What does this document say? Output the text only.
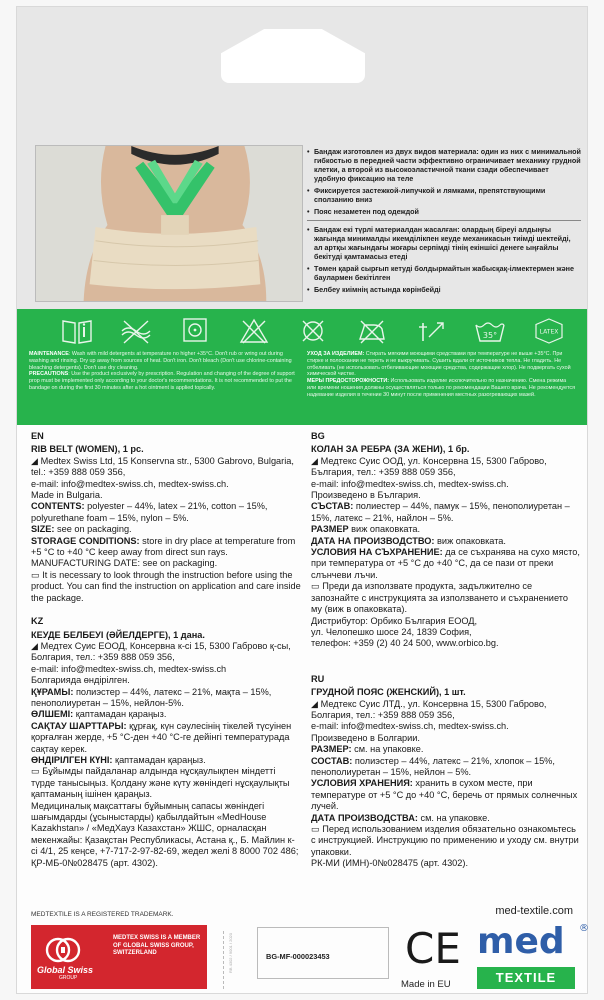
• Бандаж изготовлен из двух видов материала: один из них с минимальной гибкостью в передней части эффективно ограничивает механику грудной клетки, а второй из высокоэластичной ткани сзади обеспечивает удобную фиксацию на теле
• Фиксируется застежкой-липучкой и лямками, препятствующими сползанию вниз
• Пояс незаметен под одеждой
• Бандаж екі түрлі материалдан жасалған: олардың біреуі алдыңғы жағында минималды икемділікпен кеуде механикасын тиімді шектейді, ал артқы жағындағы жоғары серпімді тінің екіншісі денеге ыңғайлы бекітуді қамтамасыз етеді
• Төмен қарай сырғып кетуді болдырмайтын жабысқақ-ілмектермен және баулармен бекітілген
• Белбеу киімнің астында көрінбейді
35°	LATEX
MAINTENANCE: Wash with mild detergents at temperature no higher +35°C. Don't rub or wring out during washing and rinsing. Dry up away from sources of heat. Don't iron. Don't bleach (Don't use chlorine-containing bleaching detergents). Don't use dry cleaning.
PRECAUTIONS: Use the product exclusively by prescription. Regulation and changing of the degree of support prop must be implemented only according to your doctor's recommendations. It is not recommended to put the bandage on during the first 30 minutes after a hot ointment is applied topically.
УХОД ЗА ИЗДЕЛИЕМ: Стирать мягкими моющими средствами при температуре не выше +35°C. При стирке и полоскании не тереть и не выкручивать. Сушить вдали от источников тепла. Не гладить. Не отбеливать (не использовать отбеливающие моющие средства, содержащие хлор). Не подвергать сухой химической чистке.
МЕРЫ ПРЕДОСТОРОЖНОСТИ: Использовать изделие исключительно по назначению. Смена режима или времени ношения должны осуществляться только по рекомендации Вашего врача. Не рекомендуется надевание изделия в течение 30 минут после применения местных разогревающих мазей.
EN
RIB BELT (WOMEN), 1 pc.
◢ Medtex Swiss Ltd, 15 Konservna str., 5300 Gabrovo, Bulgaria, tel.: +359 888 059 356,
e-mail: info@medtex-swiss.ch, medtex-swiss.ch.
Made in Bulgaria.
CONTENTS: polyester – 44%, latex – 21%, cotton – 15%, polyurethane foam – 15%, nylon – 5%.
SIZE: see on packaging.
STORAGE CONDITIONS: store in dry place at temperature from +5 °C to +40 °C keep away from direct sun rays.
MANUFACTURING DATE: see on packaging.
▭ It is necessary to look through the instruction before using the product. You can find the instruction on application and care inside the package.
KZ
КЕУДЕ БЕЛБЕУІ (ӘЙЕЛДЕРГЕ), 1 дана.
◢ Медтех Суис ЕООД, Консервна к-сі 15, 5300 Габрово қ-сы, Болгария, тел.: +359 888 059 356,
e-mail: info@medtex-swiss.ch, medtex-swiss.ch
Болгарияда өндірілген.
ҚҰРАМЫ: полиэстер – 44%, латекс – 21%, мақта – 15%, пенополиуретан – 15%, нейлон-5%.
ӨЛШЕМІ: қаптамадан қараңыз.
САҚТАУ ШАРТТАРЫ: құрғақ, күн сәулесінің тікелей түсуінен қорғалған жерде, +5 °С-ден +40 °С-ге дейінгі температурада сақтау керек.
ӨНДІРІЛГЕН КҮНІ: қаптамадан қараңыз.
▭ Бұйымды пайдаланар алдында нұсқаулықпен міндетті түрде танысыңыз. Қолдану және күту жөніндегі нұсқаулықты қаптаманың ішінен қараңыз.
Медициналық мақсаттағы бұйымның сапасы жөніндегі шағымдарды (ұсыныстарды) қабылдайтын «MedHouse Kazakhstan» / «МедХауз Казахстан» ЖШС, орналасқан мекенжайы: Қазақстан Республикасы, Астана қ., Б. Майлин к-сі 4/1, 25 кеңсе, +7-717-2-97-82-69, жедел желі 8 8000 702 486; ҚР-МБ-0№028475 (арт. 4302).
BG
КОЛАН ЗА РЕБРА (ЗА ЖЕНИ), 1 бр.
◢ Медтекс Суис ООД, ул. Консервна 15, 5300 Габрово, България, тел.: +359 888 059 356,
e-mail: info@medtex-swiss.ch, medtex-swiss.ch.
Произведено в България.
СЪСТАВ: полиестер – 44%, памук – 15%, пенополиуретан – 15%, латекс – 21%, найлон – 5%.
РАЗМЕР виж опаковката.
ДАТА НА ПРОИЗВОДСТВО: виж опаковката.
УСЛОВИЯ НА СЪХРАНЕНИЕ: да се съхранява на сухо място, при температура от +5 °C до +40 °C, да се пази от преки слънчеви лъчи.
▭ Преди да използвате продукта, задължително се запознайте с инструкцията за използването и съхранението му (виж в опаковката).
Дистрибутор: Орбико България ЕООД,
ул. Челопешко шосе 24, 1839 София,
телефон: +359 (2) 40 24 500, www.orbico.bg.
RU
ГРУДНОЙ ПОЯС (ЖЕНСКИЙ), 1 шт.
◢ Медтекс Суис ЛТД., ул. Консервна 15, 5300 Габрово, Болгария, тел.: +359 888 059 356,
e-mail: info@medtex-swiss.ch, medtex-swiss.ch.
Произведено в Болгарии.
РАЗМЕР: см. на упаковке.
СОСТАВ: полиэстер – 44%, латекс – 21%, хлопок – 15%, пенополиуретан – 15%, нейлон – 5%.
УСЛОВИЯ ХРАНЕНИЯ: хранить в сухом месте, при температуре от +5 °C до +40 °C, беречь от прямых солнечных лучей.
ДАТА ПРОИЗВОДСТВА: см. на упаковке.
▭ Перед использованием изделия обязательно ознакомьтесь с инструкцией. Инструкцию по применению и уходу см. внутри упаковки.
РК-МИ (ИМН)-0№028475 (арт. 4302).
MEDTEXTILE IS A REGISTERED TRADEMARK.	med-textile.com
Global Swiss
GROUP
MEDTEX SWISS IS A MEMBER OF GLOBAL SWISS GROUP, SWITZERLAND	RB 4302 / 9001 / 2020	BG-MF-000023453	CE
Made in EU
med ®
TEXTILE
